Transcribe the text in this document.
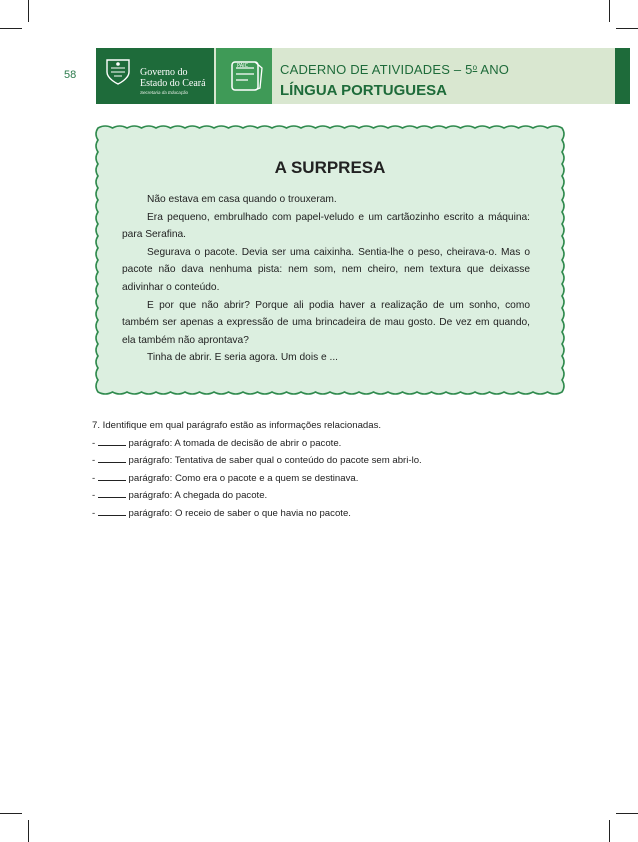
58	Governo do
Estado do Ceará
Secretaria da Educação
PAIC CADERNO DE ATIVIDADES – 5$^o$ ANO
LÍNGUA PORTUGUESA
A SURPRESA

Não estava em casa quando o trouxeram.

Era pequeno, embrulhado com papel-veludo e um cartãozinho escrito a máquina: para Serafina.

Segurava o pacote. Devia ser uma caixinha. Sentia-lhe o peso, cheirava-o. Mas o pacote não dava nenhuma pista: nem som, nem cheiro, nem textura que deixasse adivinhar o conteúdo.

E por que não abrir? Porque ali podia haver a realização de um sonho, como também ser apenas a expressão de uma brincadeira de mau gosto. De vez em quando, ela também não aprontava?

Tinha de abrir. E seria agora. Um dois e ...

7. Identifique em qual parágrafo estão as informações relacionadas.
-	parágrafo: A tomada de decisão de abrir o pacote.
-	parágrafo: Tentativa de saber qual o conteúdo do pacote sem abri-lo.
-	parágrafo: Como era o pacote e a quem se destinava.
-	parágrafo: A chegada do pacote.
-	parágrafo: O receio de saber o que havia no pacote.
